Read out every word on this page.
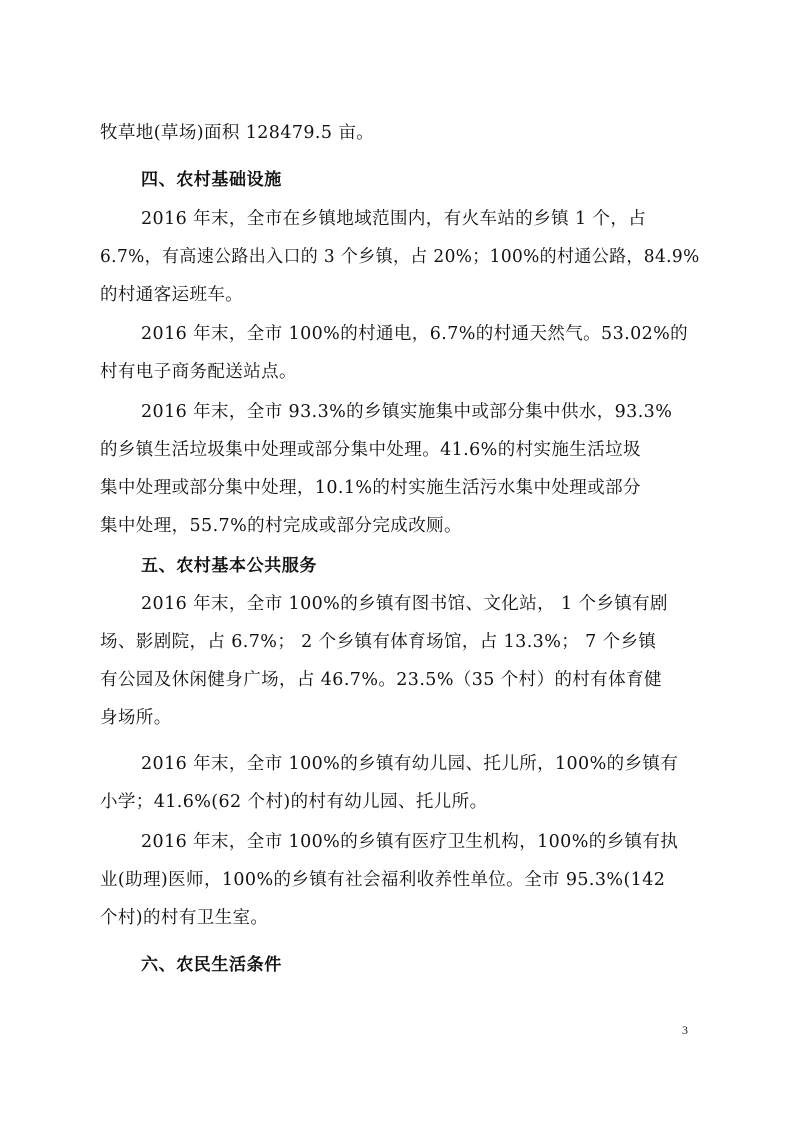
牧草地(草场)面积 128479.5 亩。
四、农村基础设施
2016 年末，全市在乡镇地域范围内，有火车站的乡镇 1 个，占
6.7%，有高速公路出入口的 3 个乡镇，占 20%；100%的村通公路，84.9%
的村通客运班车。
2016 年末，全市 100%的村通电，6.7%的村通天然气。53.02%的
村有电子商务配送站点。
2016 年末，全市 93.3%的乡镇实施集中或部分集中供水，93.3%
的乡镇生活垃圾集中处理或部分集中处理。41.6%的村实施生活垃圾
集中处理或部分集中处理，10.1%的村实施生活污水集中处理或部分
集中处理，55.7%的村完成或部分完成改厕。
五、农村基本公共服务
2016 年末，全市 100%的乡镇有图书馆、文化站， 1 个乡镇有剧
场、影剧院，占 6.7%； 2 个乡镇有体育场馆，占 13.3%； 7 个乡镇
有公园及休闲健身广场，占 46.7%。23.5%（35 个村）的村有体育健
身场所。
2016 年末，全市 100%的乡镇有幼儿园、托儿所，100%的乡镇有
小学；41.6%(62 个村)的村有幼儿园、托儿所。
2016 年末，全市 100%的乡镇有医疗卫生机构，100%的乡镇有执
业(助理)医师，100%的乡镇有社会福利收养性单位。全市 95.3%(142
个村)的村有卫生室。
六、农民生活条件
3
